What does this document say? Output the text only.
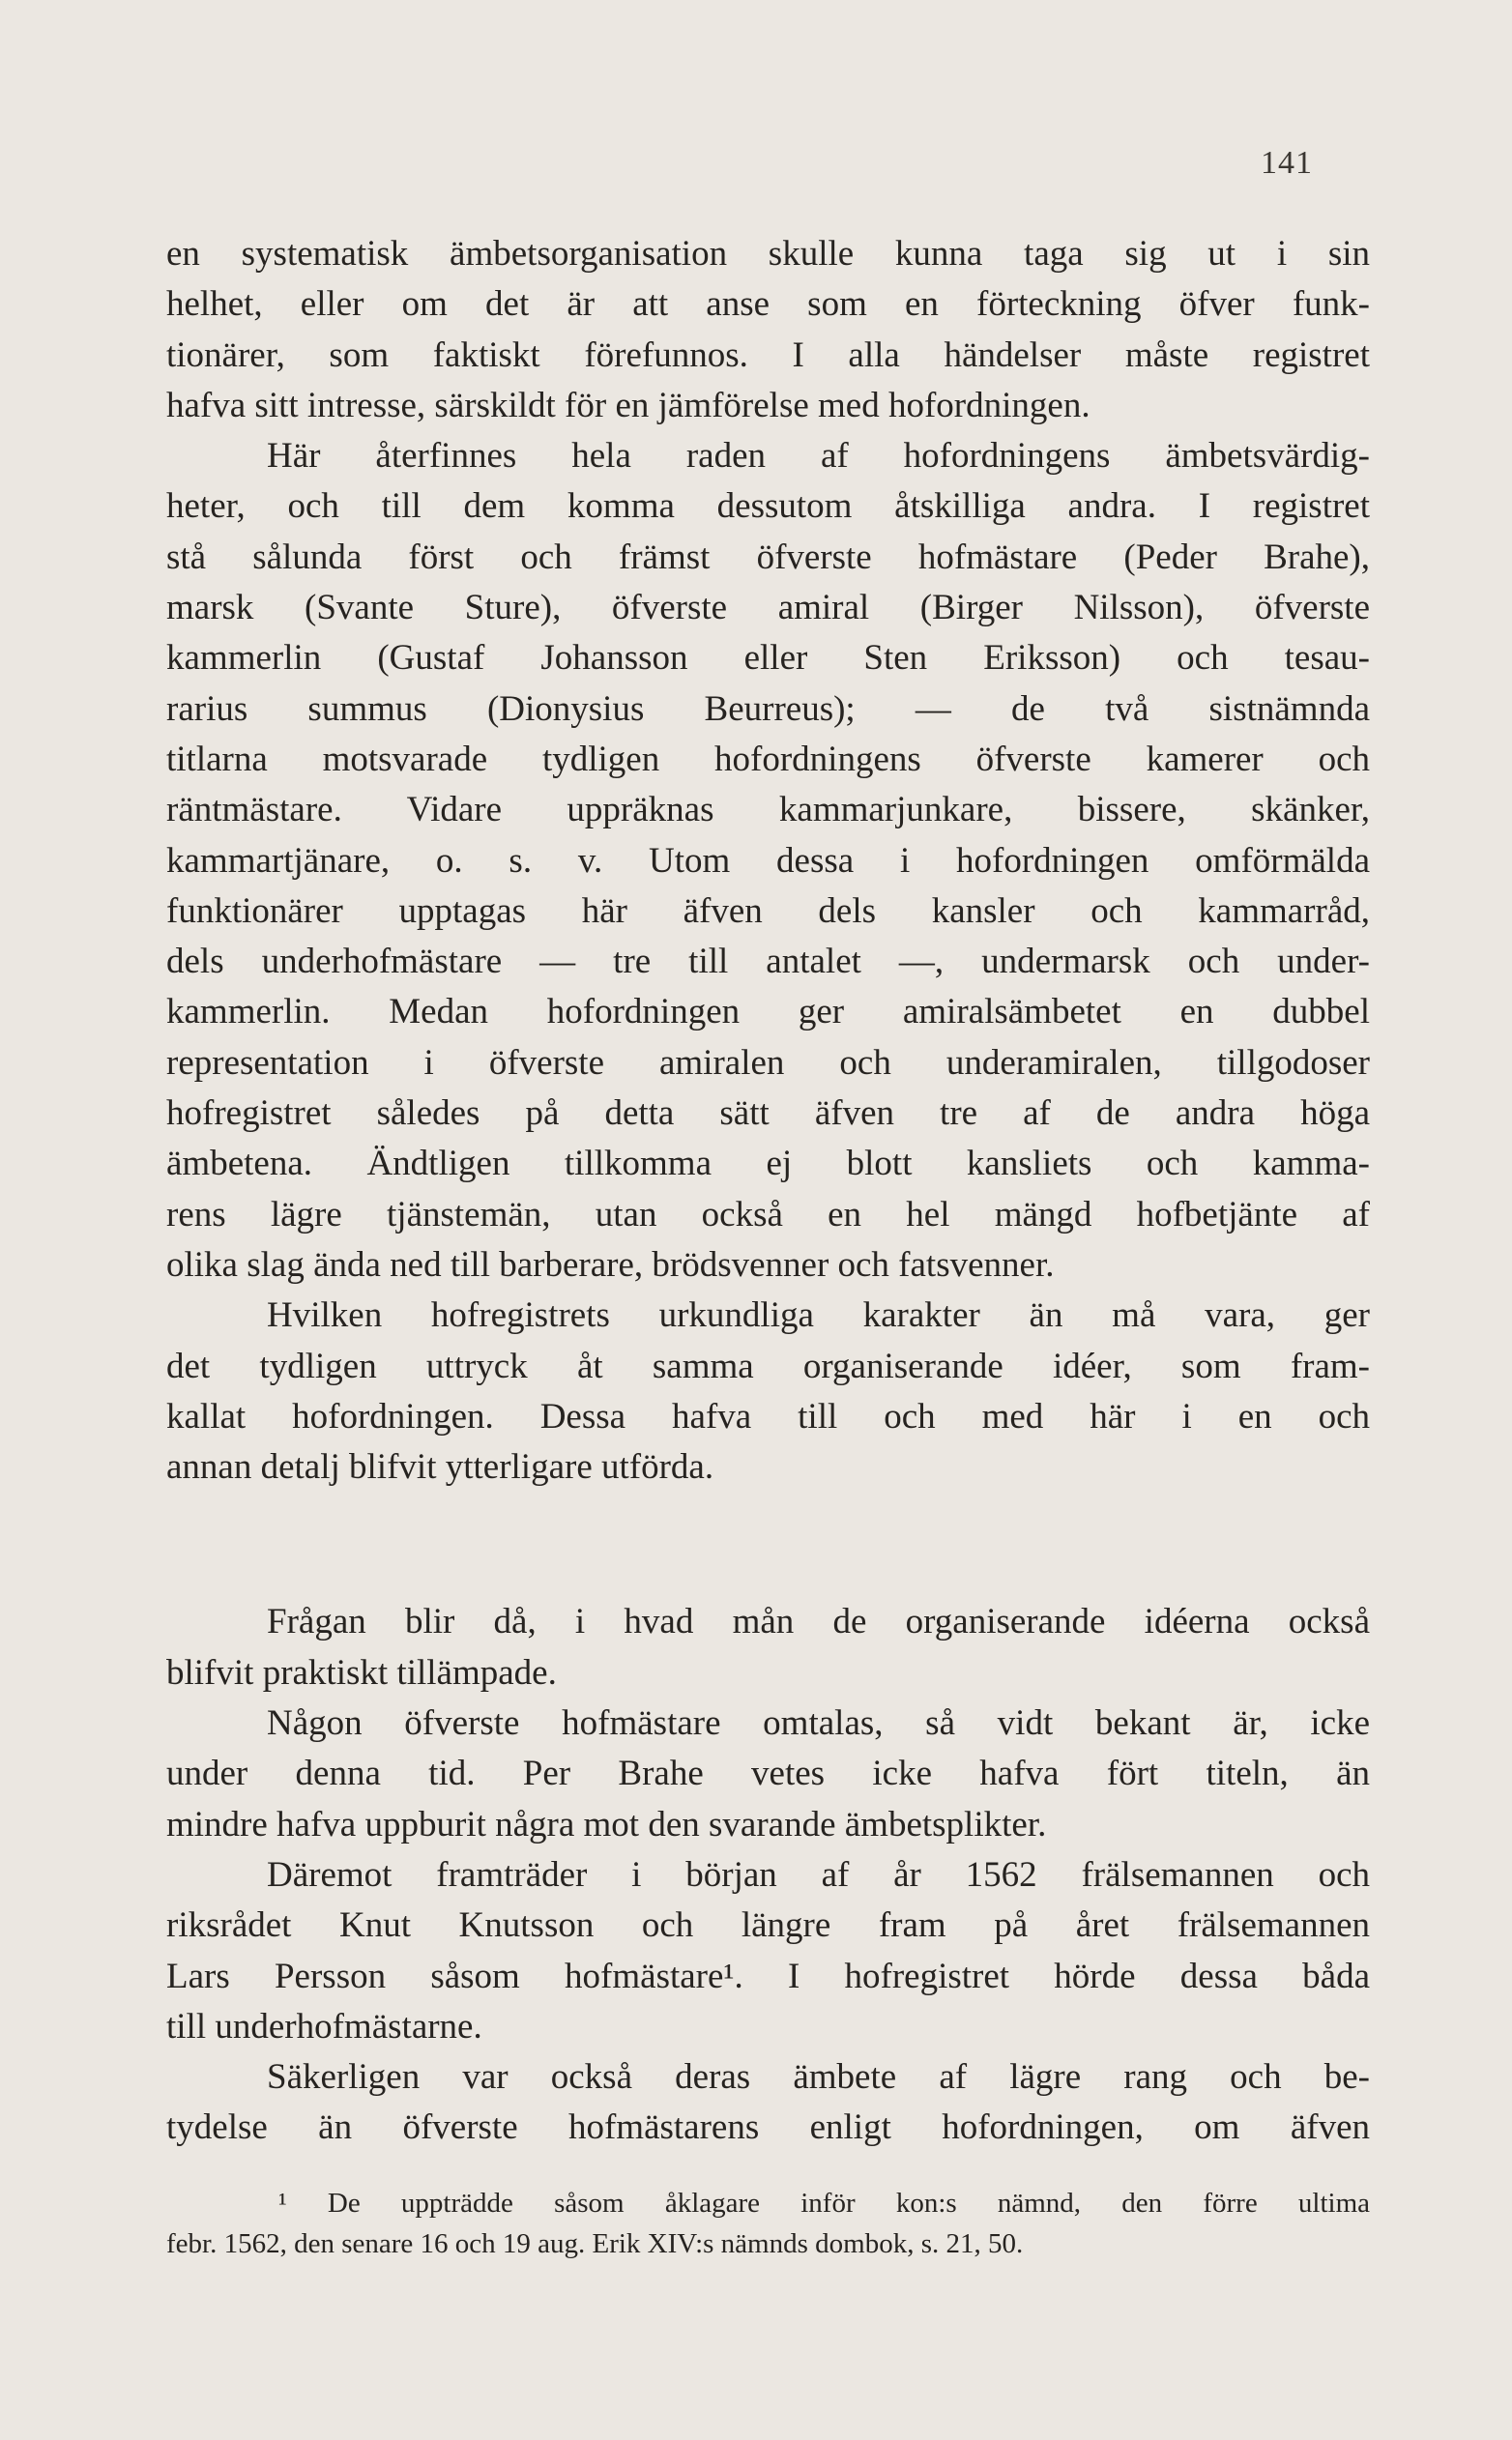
141
en systematisk ämbetsorganisation skulle kunna taga sig ut i sin
helhet, eller om det är att anse som en förteckning öfver funk-
tionärer, som faktiskt förefunnos. I alla händelser måste registret
hafva sitt intresse, särskildt för en jämförelse med hofordningen.
Här återfinnes hela raden af hofordningens ämbetsvärdig-
heter, och till dem komma dessutom åtskilliga andra. I registret
stå sålunda först och främst öfverste hofmästare (Peder Brahe),
marsk (Svante Sture), öfverste amiral (Birger Nilsson), öfverste
kammerlin (Gustaf Johansson eller Sten Eriksson) och tesau-
rarius summus (Dionysius Beurreus); — de två sistnämnda
titlarna motsvarade tydligen hofordningens öfverste kamerer och
räntmästare. Vidare uppräknas kammarjunkare, bissere, skänker,
kammartjänare, o. s. v. Utom dessa i hofordningen omförmälda
funktionärer upptagas här äfven dels kansler och kammarråd,
dels underhofmästare — tre till antalet —, undermarsk och under-
kammerlin. Medan hofordningen ger amiralsämbetet en dubbel
representation i öfverste amiralen och underamiralen, tillgodoser
hofregistret således på detta sätt äfven tre af de andra höga
ämbetena. Ändtligen tillkomma ej blott kansliets och kamma-
rens lägre tjänstemän, utan också en hel mängd hofbetjänte af
olika slag ända ned till barberare, brödsvenner och fatsvenner.
Hvilken hofregistrets urkundliga karakter än må vara, ger
det tydligen uttryck åt samma organiserande idéer, som fram-
kallat hofordningen. Dessa hafva till och med här i en och
annan detalj blifvit ytterligare utförda.
Frågan blir då, i hvad mån de organiserande idéerna också
blifvit praktiskt tillämpade.
Någon öfverste hofmästare omtalas, så vidt bekant är, icke
under denna tid. Per Brahe vetes icke hafva fört titeln, än
mindre hafva uppburit några mot den svarande ämbetsplikter.
Däremot framträder i början af år 1562 frälsemannen och
riksrådet Knut Knutsson och längre fram på året frälsemannen
Lars Persson såsom hofmästare¹. I hofregistret hörde dessa båda
till underhofmästarne.
Säkerligen var också deras ämbete af lägre rang och be-
tydelse än öfverste hofmästarens enligt hofordningen, om äfven
¹ De uppträdde såsom åklagare inför kon:s nämnd, den förre ultima
febr. 1562, den senare 16 och 19 aug. Erik XIV:s nämnds dombok, s. 21, 50.
